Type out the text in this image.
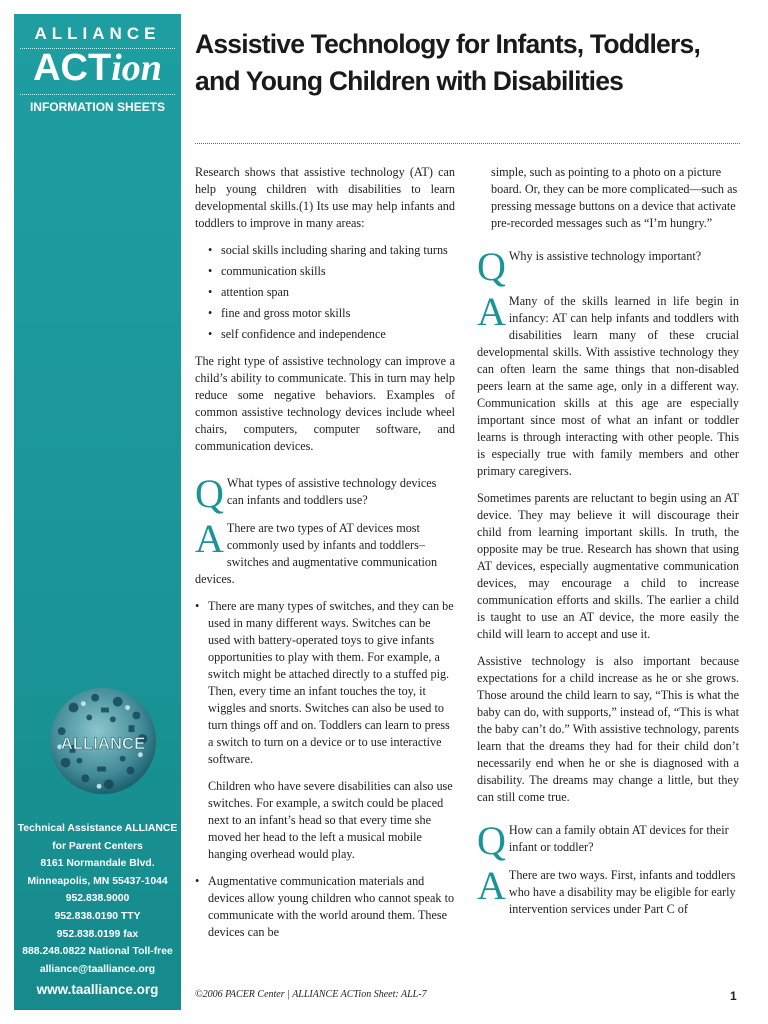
ALLIANCE
ACTion
INFORMATION SHEETS
ALLIANCE
Technical Assistance ALLIANCE
for Parent Centers
8161 Normandale Blvd.
Minneapolis, MN 55437-1044
952.838.9000
952.838.0190 TTY
952.838.0199 fax
888.248.0822 National Toll-free
alliance@taalliance.org
www.taalliance.org
Assistive Technology for Infants, Toddlers,
and Young Children with Disabilities

Research shows that assistive technology (AT) can help young children with disabilities to learn developmental skills.(1) Its use may help infants and toddlers to improve in many areas:

• social skills including sharing and taking turns
• communication skills
• attention span
• fine and gross motor skills
• self confidence and independence

The right type of assistive technology can improve a child’s ability to communicate. This in turn may help reduce some negative behaviors. Examples of common assistive technology devices include wheel chairs, computers, computer software, and communication devices.

Q What types of assistive technology devices can infants and toddlers use?
A There are two types of AT devices most commonly used by infants and toddlers–switches and augmentative communication devices.
• There are many types of switches, and they can be used in many different ways. Switches can be used with battery-operated toys to give infants opportunities to play with them. For example, a switch might be attached directly to a stuffed pig. Then, every time an infant touches the toy, it wiggles and snorts. Switches can also be used to turn things off and on. Toddlers can learn to press a switch to turn on a device or to use interactive software.

Children who have severe disabilities can also use switches. For example, a switch could be placed next to an infant’s head so that every time she moved her head to the left a musical mobile hanging overhead would play.

• Augmentative communication materials and devices allow young children who cannot speak to communicate with the world around them. These devices can be

simple, such as pointing to a photo on a picture board. Or, they can be more complicated—such as pressing message buttons on a device that activate pre-recorded messages such as “I’m hungry.”

Q Why is assistive technology important?
A Many of the skills learned in life begin in infancy: AT can help infants and toddlers with disabilities learn many of these crucial developmental skills. With assistive technology they can often learn the same things that non-disabled peers learn at the same age, only in a different way. Communication skills at this age are especially important since most of what an infant or toddler learns is through interacting with other people. This is especially true with family members and other primary caregivers.

Sometimes parents are reluctant to begin using an AT device. They may believe it will discourage their child from learning important skills. In truth, the opposite may be true. Research has shown that using AT devices, especially augmentative communication devices, may encourage a child to increase communication efforts and skills. The earlier a child is taught to use an AT device, the more easily the child will learn to accept and use it.

Assistive technology is also important because expectations for a child increase as he or she grows. Those around the child learn to say, “This is what the baby can do, with supports,” instead of, “This is what the baby can’t do.” With assistive technology, parents learn that the dreams they had for their child don’t necessarily end when he or she is diagnosed with a disability. The dreams may change a little, but they can still come true.

Q How can a family obtain AT devices for their infant or toddler?
A There are two ways. First, infants and toddlers who have a disability may be eligible for early intervention services under Part C of
©2006 PACER Center | ALLIANCE ACTion Sheet: ALL-7	1
